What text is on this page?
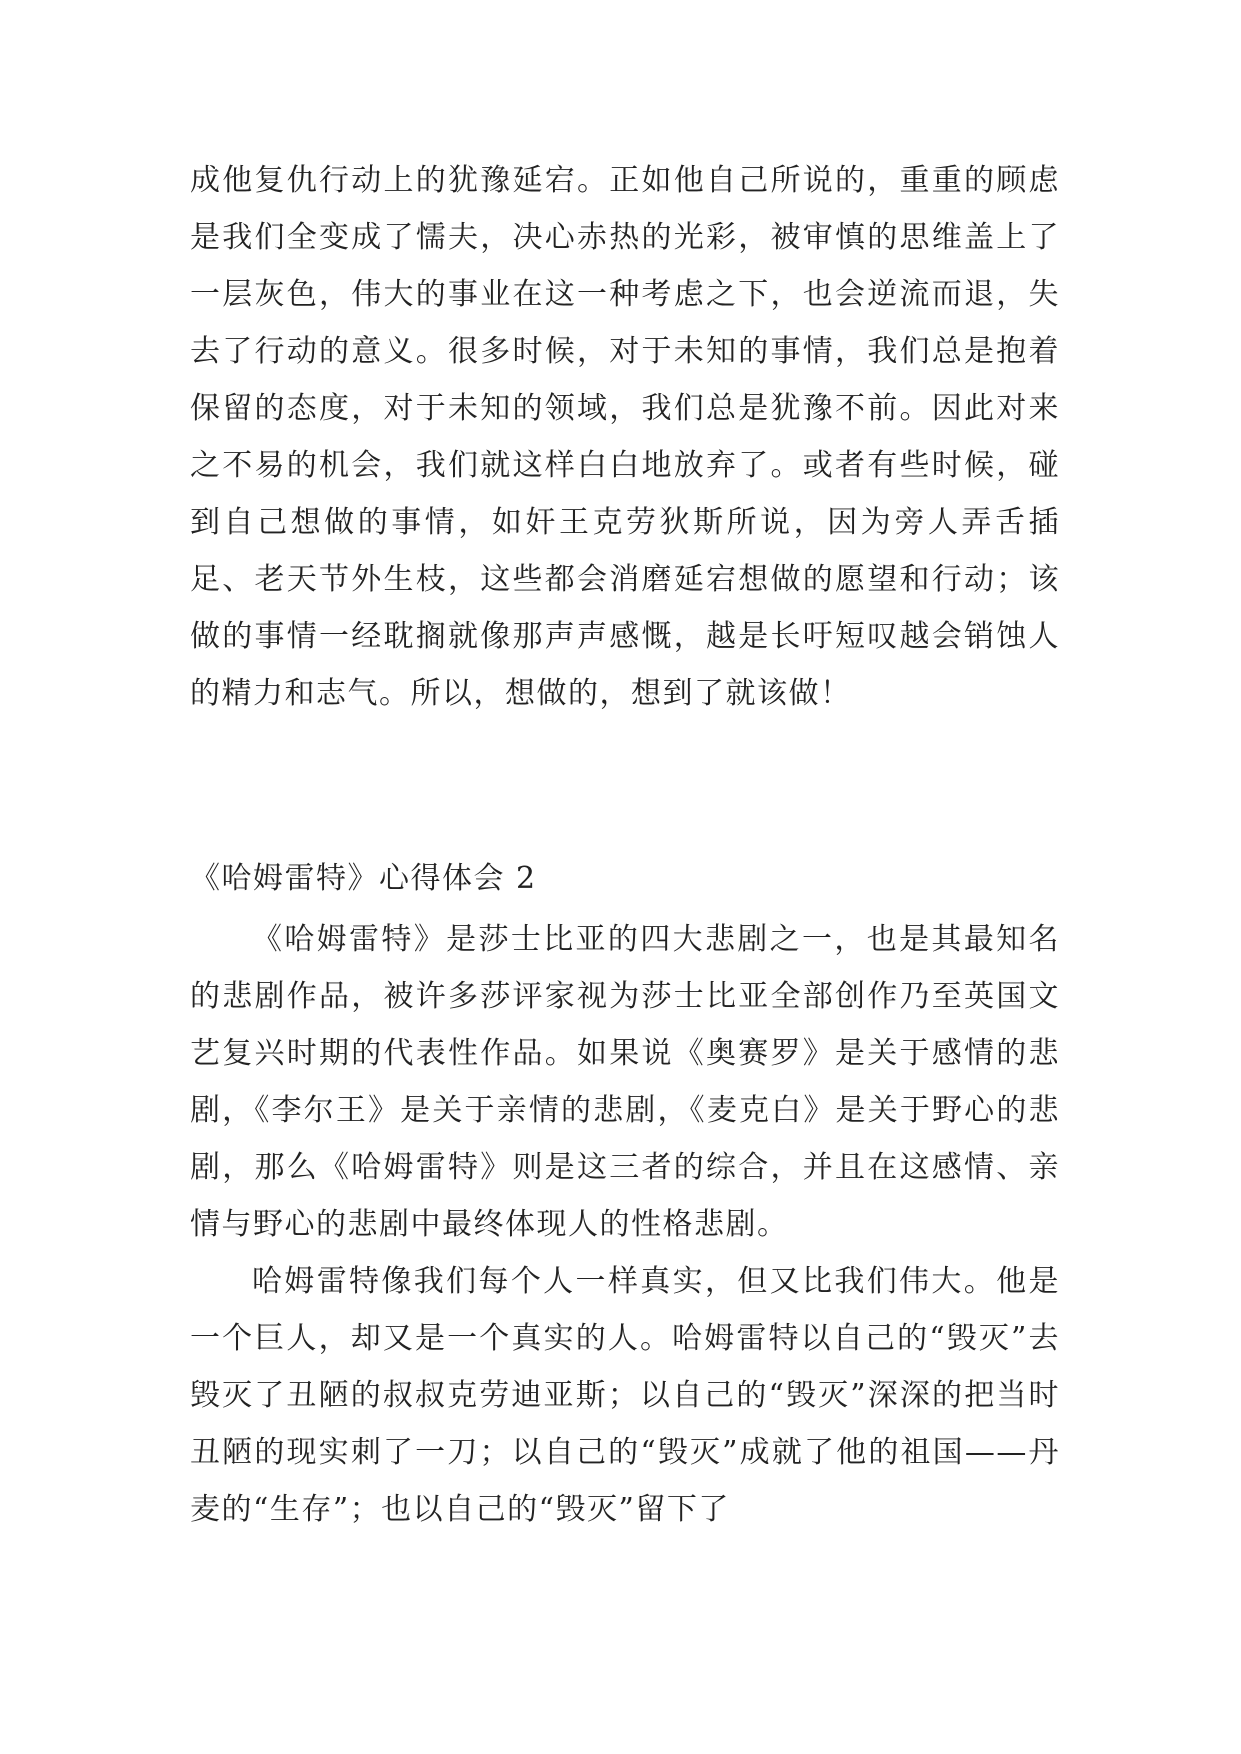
成他复仇行动上的犹豫延宕。正如他自己所说的，重重的顾虑是我们全变成了懦夫，决心赤热的光彩，被审慎的思维盖上了一层灰色，伟大的事业在这一种考虑之下，也会逆流而退，失去了行动的意义。很多时候，对于未知的事情，我们总是抱着保留的态度，对于未知的领域，我们总是犹豫不前。因此对来之不易的机会，我们就这样白白地放弃了。或者有些时候，碰到自己想做的事情，如奸王克劳狄斯所说，因为旁人弄舌插足、老天节外生枝，这些都会消磨延宕想做的愿望和行动；该做的事情一经耽搁就像那声声感慨，越是长吁短叹越会销蚀人的精力和志气。所以，想做的，想到了就该做！

《哈姆雷特》心得体会 2

《哈姆雷特》是莎士比亚的四大悲剧之一，也是其最知名的悲剧作品，被许多莎评家视为莎士比亚全部创作乃至英国文艺复兴时期的代表性作品。如果说《奥赛罗》是关于感情的悲剧，《李尔王》是关于亲情的悲剧，《麦克白》是关于野心的悲剧，那么《哈姆雷特》则是这三者的综合，并且在这感情、亲情与野心的悲剧中最终体现人的性格悲剧。

哈姆雷特像我们每个人一样真实，但又比我们伟大。他是一个巨人，却又是一个真实的人。哈姆雷特以自己的“毁灭”去毁灭了丑陋的叔叔克劳迪亚斯；以自己的“毁灭”深深的把当时丑陋的现实刺了一刀；以自己的“毁灭”成就了他的祖国——丹麦的“生存”；也以自己的“毁灭”留下了
